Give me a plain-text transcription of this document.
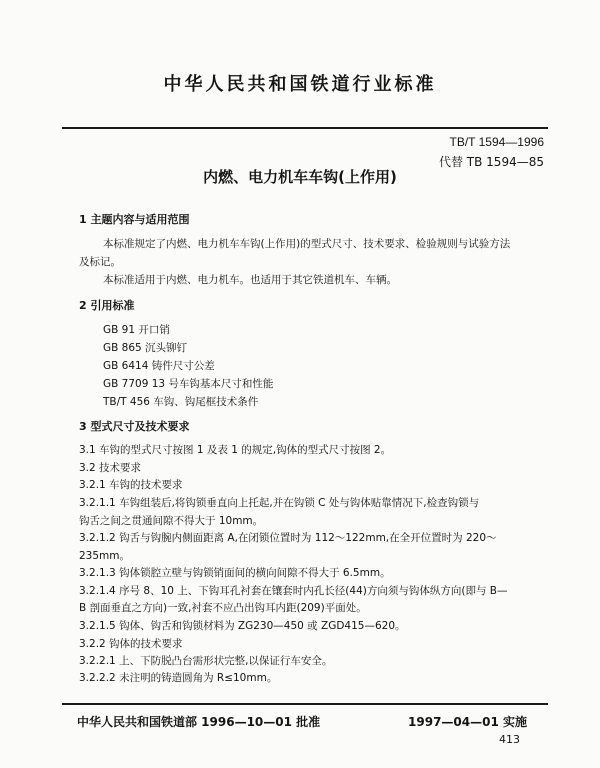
中华人民共和国铁道行业标准
TB/T 1594—1996
代替 TB 1594—85
内燃、电力机车车钩(上作用)
1 主题内容与适用范围
本标准规定了内燃、电力机车车钩(上作用)的型式尺寸、技术要求、检验规则与试验方法
及标记。
本标准适用于内燃、电力机车。也适用于其它铁道机车、车辆。
2 引用标准
GB 91 开口销
GB 865 沉头铆钉
GB 6414 铸件尺寸公差
GB 7709 13 号车钩基本尺寸和性能
TB/T 456 车钩、钩尾框技术条件
3 型式尺寸及技术要求
3.1 车钩的型式尺寸按图 1 及表 1 的规定,钩体的型式尺寸按图 2。
3.2 技术要求
3.2.1 车钩的技术要求
3.2.1.1 车钩组装后,将钩锁垂直向上托起,并在钩锁 C 处与钩体贴靠情况下,检查钩锁与
钩舌之间之贯通间隙不得大于 10mm。
3.2.1.2 钩舌与钩腕内侧面距离 A,在闭锁位置时为 112～122mm,在全开位置时为 220～
235mm。
3.2.1.3 钩体锁腔立壁与钩锁销面间的横向间隙不得大于 6.5mm。
3.2.1.4 序号 8、10 上、下钩耳孔衬套在镶套时内孔长径(44)方向须与钩体纵方向(即与 B—
B 剖面垂直之方向)一致,衬套不应凸出钩耳内距(209)平面处。
3.2.1.5 钩体、钩舌和钩锁材料为 ZG230—450 或 ZGD415—620。
3.2.2 钩体的技术要求
3.2.2.1 上、下防脱凸台需形状完整,以保证行车安全。
3.2.2.2 未注明的铸造圆角为 R≤10mm。
中华人民共和国铁道部 1996—10—01 批准	1997—04—01 实施
413
